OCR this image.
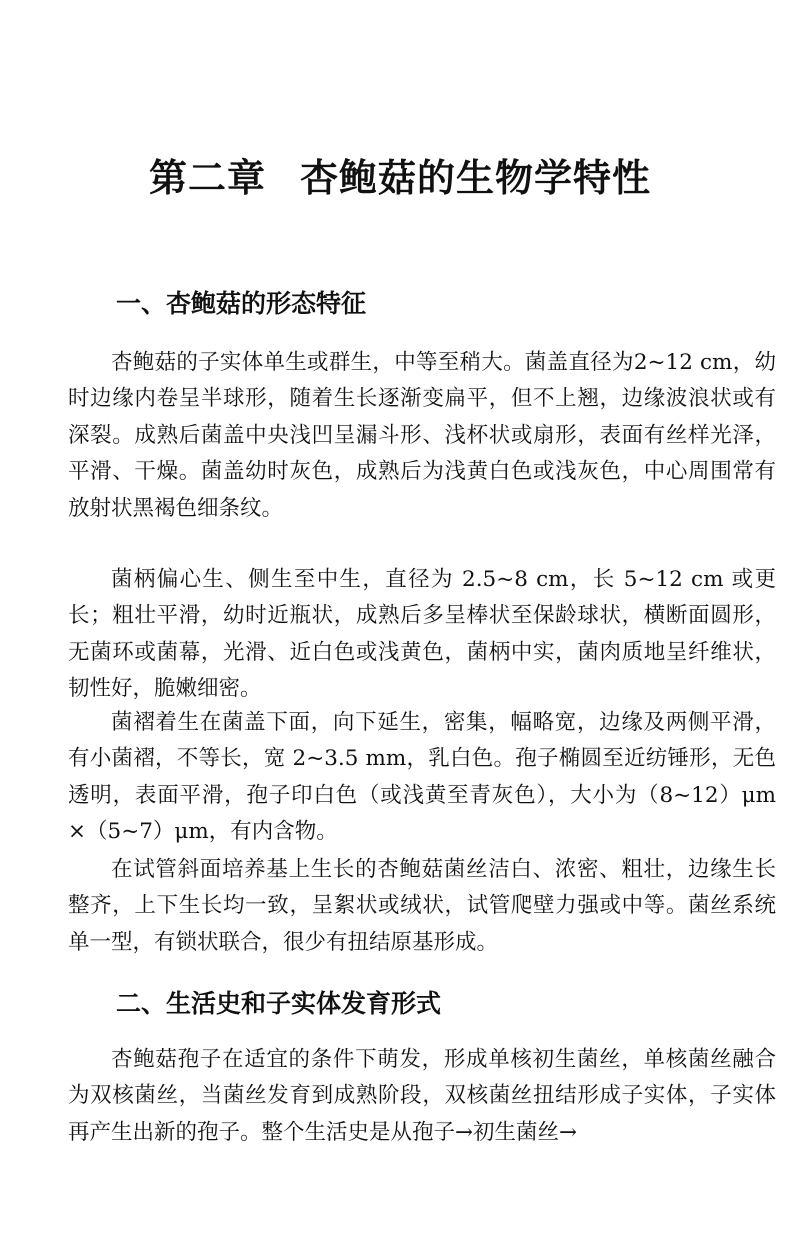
第二章 杏鲍菇的生物学特性
一、杏鲍菇的形态特征

杏鲍菇的子实体单生或群生，中等至稍大。菌盖直径为2~12 cm，幼时边缘内卷呈半球形，随着生长逐渐变扁平，但不上翘，边缘波浪状或有深裂。成熟后菌盖中央浅凹呈漏斗形、浅杯状或扇形，表面有丝样光泽，平滑、干燥。菌盖幼时灰色，成熟后为浅黄白色或浅灰色，中心周围常有放射状黑褐色细条纹。

菌柄偏心生、侧生至中生，直径为 2.5~8 cm，长 5~12 cm 或更长；粗壮平滑，幼时近瓶状，成熟后多呈棒状至保龄球状，横断面圆形，无菌环或菌幕，光滑、近白色或浅黄色，菌柄中实，菌肉质地呈纤维状，韧性好，脆嫩细密。

菌褶着生在菌盖下面，向下延生，密集，幅略宽，边缘及两侧平滑，有小菌褶，不等长，宽 2~3.5 mm，乳白色。孢子椭圆至近纺锤形，无色透明，表面平滑，孢子印白色（或浅黄至青灰色），大小为（8~12）μm ×（5~7）μm，有内含物。

在试管斜面培养基上生长的杏鲍菇菌丝洁白、浓密、粗壮，边缘生长整齐，上下生长均一致，呈絮状或绒状，试管爬壁力强或中等。菌丝系统单一型，有锁状联合，很少有扭结原基形成。

二、生活史和子实体发育形式

杏鲍菇孢子在适宜的条件下萌发，形成单核初生菌丝，单核菌丝融合为双核菌丝，当菌丝发育到成熟阶段，双核菌丝扭结形成子实体，子实体再产生出新的孢子。整个生活史是从孢子→初生菌丝→
